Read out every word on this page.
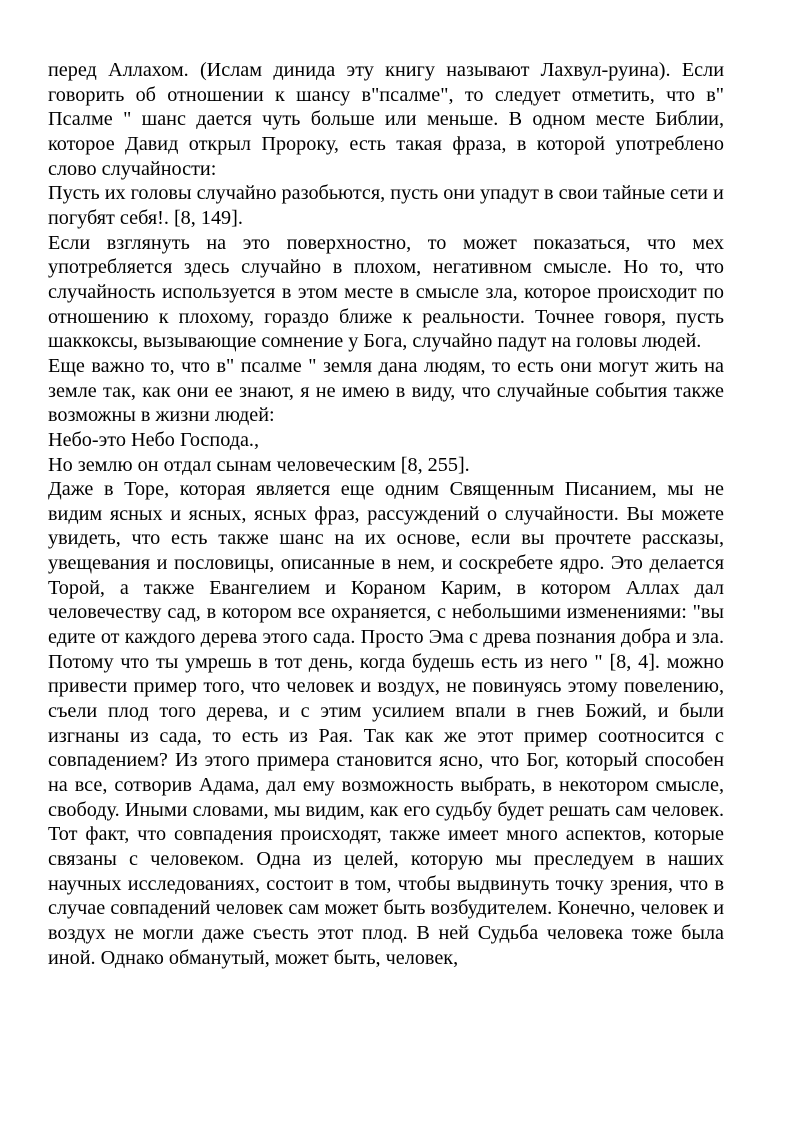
перед Аллахом. (Ислам динида эту книгу называют Лахвул-руина). Если говорить об отношении к шансу в"псалме", то следует отметить, что в" Псалме " шанс дается чуть больше или меньше. В одном месте Библии, которое Давид открыл Пророку, есть такая фраза, в которой употреблено слово случайности:

Пусть их головы случайно разобьются, пусть они упадут в свои тайные сети и погубят себя!. [8, 149].

Если взглянуть на это поверхностно, то может показаться, что мех употребляется здесь случайно в плохом, негативном смысле. Но то, что случайность используется в этом месте в смысле зла, которое происходит по отношению к плохому, гораздо ближе к реальности. Точнее говоря, пусть шаккоксы, вызывающие сомнение у Бога, случайно падут на головы людей.

Еще важно то, что в" псалме " земля дана людям, то есть они могут жить на земле так, как они ее знают, я не имею в виду, что случайные события также возможны в жизни людей:

Небо-это Небо Господа.,

Но землю он отдал сынам человеческим [8, 255].

Даже в Торе, которая является еще одним Священным Писанием, мы не видим ясных и ясных, ясных фраз, рассуждений о случайности. Вы можете увидеть, что есть также шанс на их основе, если вы прочтете рассказы, увещевания и пословицы, описанные в нем, и соскребете ядро. Это делается Торой, а также Евангелием и Кораном Карим, в котором Аллах дал человечеству сад, в котором все охраняется, с небольшими изменениями: "вы едите от каждого дерева этого сада. Просто Эма с древа познания добра и зла. Потому что ты умрешь в тот день, когда будешь есть из него " [8, 4]. можно привести пример того, что человек и воздух, не повинуясь этому повелению, съели плод того дерева, и с этим усилием впали в гнев Божий, и были изгнаны из сада, то есть из Рая. Так как же этот пример соотносится с совпадением? Из этого примера становится ясно, что Бог, который способен на все, сотворив Адама, дал ему возможность выбрать, в некотором смысле, свободу. Иными словами, мы видим, как его судьбу будет решать сам человек. Тот факт, что совпадения происходят, также имеет много аспектов, которые связаны с человеком. Одна из целей, которую мы преследуем в наших научных исследованиях, состоит в том, чтобы выдвинуть точку зрения, что в случае совпадений человек сам может быть возбудителем. Конечно, человек и воздух не могли даже съесть этот плод. В ней Судьба человека тоже была иной. Однако обманутый, может быть, человек,
